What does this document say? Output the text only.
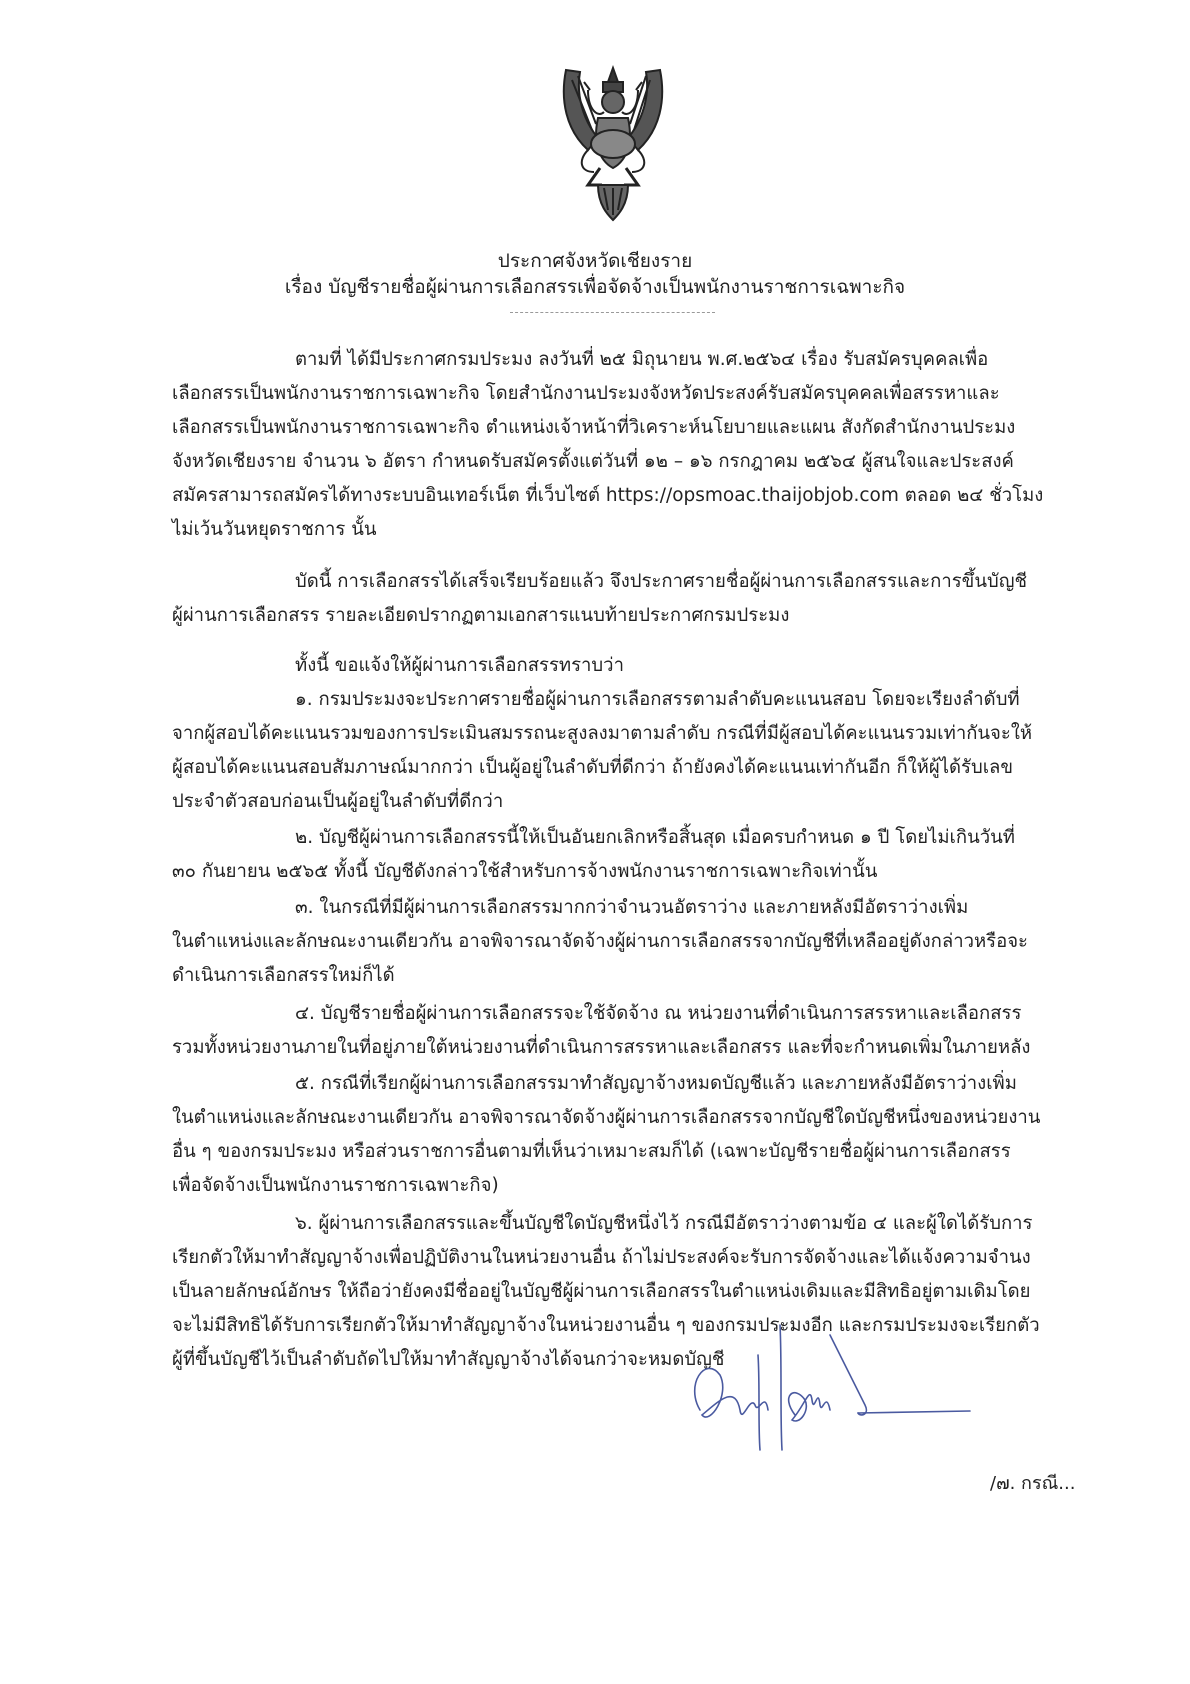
ประกาศจังหวัดเชียงราย
เรื่อง บัญชีรายชื่อผู้ผ่านการเลือกสรรเพื่อจัดจ้างเป็นพนักงานราชการเฉพาะกิจ
ตามที่ ได้มีประกาศกรมประมง ลงวันที่ ๒๕ มิถุนายน พ.ศ.๒๕๖๔ เรื่อง รับสมัครบุคคลเพื่อ
เลือกสรรเป็นพนักงานราชการเฉพาะกิจ โดยสำนักงานประมงจังหวัดประสงค์รับสมัครบุคคลเพื่อสรรหาและ
เลือกสรรเป็นพนักงานราชการเฉพาะกิจ ตำแหน่งเจ้าหน้าที่วิเคราะห์นโยบายและแผน สังกัดสำนักงานประมง
จังหวัดเชียงราย จำนวน ๖ อัตรา กำหนดรับสมัครตั้งแต่วันที่ ๑๒ – ๑๖ กรกฎาคม ๒๕๖๔ ผู้สนใจและประสงค์
สมัครสามารถสมัครได้ทางระบบอินเทอร์เน็ต ที่เว็บไซต์ https://opsmoac.thaijobjob.com ตลอด ๒๔ ชั่วโมง
ไม่เว้นวันหยุดราชการ นั้น
บัดนี้ การเลือกสรรได้เสร็จเรียบร้อยแล้ว จึงประกาศรายชื่อผู้ผ่านการเลือกสรรและการขึ้นบัญชี
ผู้ผ่านการเลือกสรร รายละเอียดปรากฏตามเอกสารแนบท้ายประกาศกรมประมง
ทั้งนี้ ขอแจ้งให้ผู้ผ่านการเลือกสรรทราบว่า
๑. กรมประมงจะประกาศรายชื่อผู้ผ่านการเลือกสรรตามลำดับคะแนนสอบ โดยจะเรียงลำดับที่
จากผู้สอบได้คะแนนรวมของการประเมินสมรรถนะสูงลงมาตามลำดับ กรณีที่มีผู้สอบได้คะแนนรวมเท่ากันจะให้
ผู้สอบได้คะแนนสอบสัมภาษณ์มากกว่า เป็นผู้อยู่ในลำดับที่ดีกว่า ถ้ายังคงได้คะแนนเท่ากันอีก ก็ให้ผู้ได้รับเลข
ประจำตัวสอบก่อนเป็นผู้อยู่ในลำดับที่ดีกว่า
๒. บัญชีผู้ผ่านการเลือกสรรนี้ให้เป็นอันยกเลิกหรือสิ้นสุด เมื่อครบกำหนด ๑ ปี โดยไม่เกินวันที่
๓๐ กันยายน ๒๕๖๕ ทั้งนี้ บัญชีดังกล่าวใช้สำหรับการจ้างพนักงานราชการเฉพาะกิจเท่านั้น
๓. ในกรณีที่มีผู้ผ่านการเลือกสรรมากกว่าจำนวนอัตราว่าง และภายหลังมีอัตราว่างเพิ่ม
ในตำแหน่งและลักษณะงานเดียวกัน อาจพิจารณาจัดจ้างผู้ผ่านการเลือกสรรจากบัญชีที่เหลืออยู่ดังกล่าวหรือจะ
ดำเนินการเลือกสรรใหม่ก็ได้
๔. บัญชีรายชื่อผู้ผ่านการเลือกสรรจะใช้จัดจ้าง ณ หน่วยงานที่ดำเนินการสรรหาและเลือกสรร
รวมทั้งหน่วยงานภายในที่อยู่ภายใต้หน่วยงานที่ดำเนินการสรรหาและเลือกสรร และที่จะกำหนดเพิ่มในภายหลัง
๕. กรณีที่เรียกผู้ผ่านการเลือกสรรมาทำสัญญาจ้างหมดบัญชีแล้ว และภายหลังมีอัตราว่างเพิ่ม
ในตำแหน่งและลักษณะงานเดียวกัน อาจพิจารณาจัดจ้างผู้ผ่านการเลือกสรรจากบัญชีใดบัญชีหนึ่งของหน่วยงาน
อื่น ๆ ของกรมประมง หรือส่วนราชการอื่นตามที่เห็นว่าเหมาะสมก็ได้ (เฉพาะบัญชีรายชื่อผู้ผ่านการเลือกสรร
เพื่อจัดจ้างเป็นพนักงานราชการเฉพาะกิจ)
๖. ผู้ผ่านการเลือกสรรและขึ้นบัญชีใดบัญชีหนึ่งไว้ กรณีมีอัตราว่างตามข้อ ๔ และผู้ใดได้รับการ
เรียกตัวให้มาทำสัญญาจ้างเพื่อปฏิบัติงานในหน่วยงานอื่น ถ้าไม่ประสงค์จะรับการจัดจ้างและได้แจ้งความจำนง
เป็นลายลักษณ์อักษร ให้ถือว่ายังคงมีชื่ออยู่ในบัญชีผู้ผ่านการเลือกสรรในตำแหน่งเดิมและมีสิทธิอยู่ตามเดิมโดย
จะไม่มีสิทธิได้รับการเรียกตัวให้มาทำสัญญาจ้างในหน่วยงานอื่น ๆ ของกรมประมงอีก และกรมประมงจะเรียกตัว
ผู้ที่ขึ้นบัญชีไว้เป็นลำดับถัดไปให้มาทำสัญญาจ้างได้จนกว่าจะหมดบัญชี
/๗. กรณี...
